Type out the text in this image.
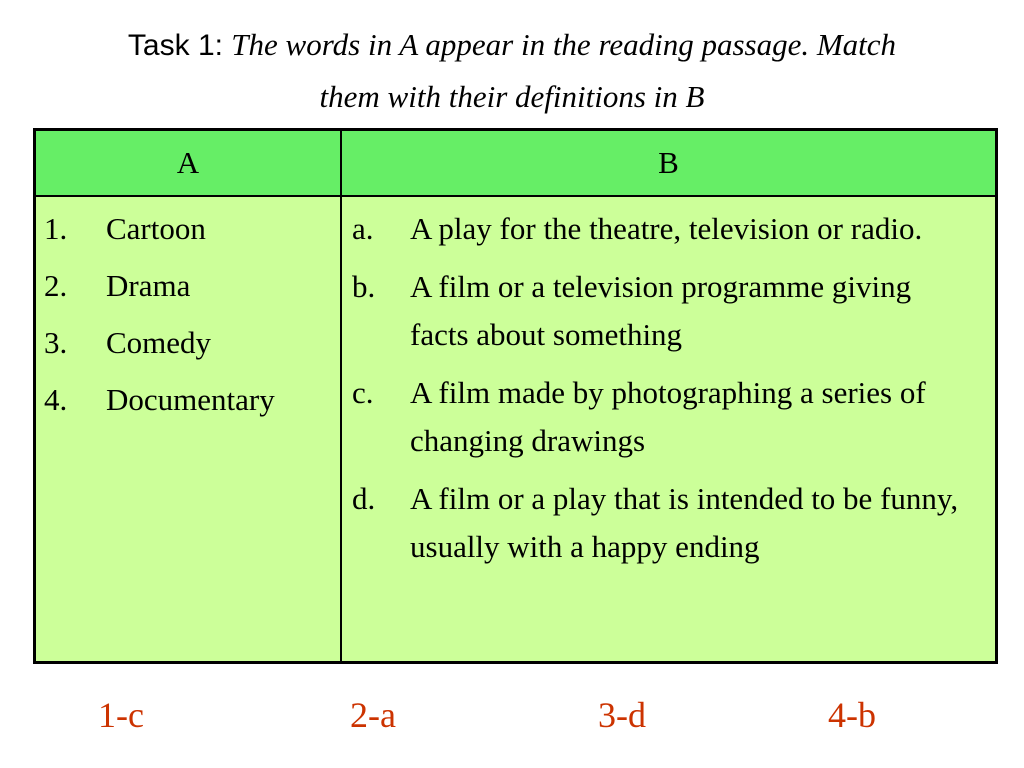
Task 1: The words in A appear in the reading passage. Match
them with their definitions in B
A	B
1.	Cartoon
2.	Drama
3.	Comedy
4.	Documentary
a.	A play for the theatre, television or radio.
b.	A film or a television programme giving facts about something
c.	A film made by photographing a series of changing drawings
d.	A film or a play that is intended to be funny, usually with a happy ending
1-c	2-a	3-d	4-b
